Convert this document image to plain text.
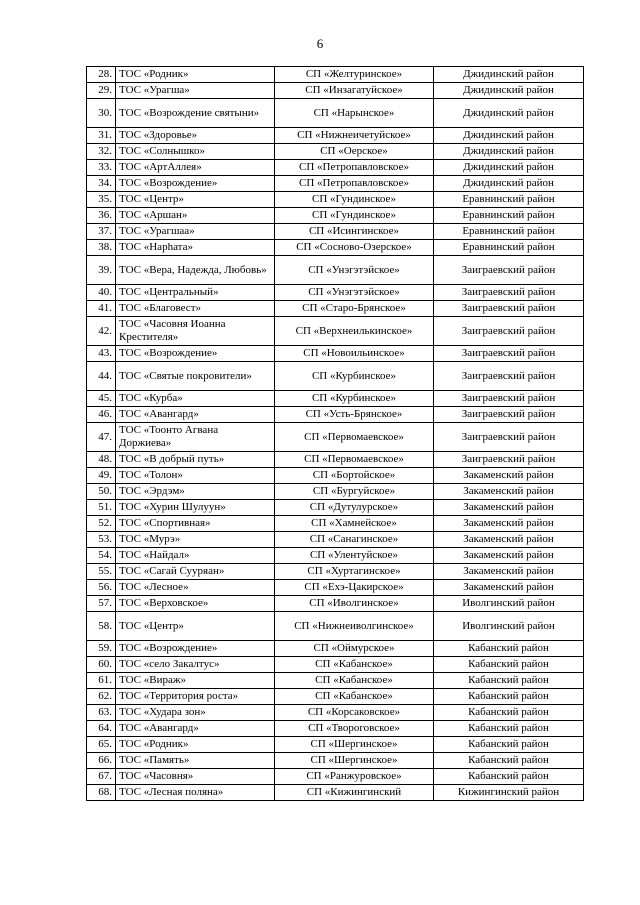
6
28.	ТОС «Родник»	СП «Желтуринское»	Джидинский район
29.	ТОС «Урагша»	СП «Инзагатуйское»	Джидинский район
30.	ТОС «Возрождение святыни»	СП «Нарынское»	Джидинский район
31.	ТОС «Здоровье»	СП «Нижнеичетуйское»	Джидинский район
32.	ТОС «Солнышко»	СП «Оерское»	Джидинский район
33.	ТОС «АртАллея»	СП «Петропавловское»	Джидинский район
34.	ТОС «Возрождение»	СП «Петропавловское»	Джидинский район
35.	ТОС «Центр»	СП «Гундинское»	Еравнинский район
36.	ТОС «Аршан»	СП «Гундинское»	Еравнинский район
37.	ТОС «Урагшаа»	СП «Исингинское»	Еравнинский район
38.	ТОС «Нарhата»	СП «Сосново-Озерское»	Еравнинский район
39.	ТОС «Вера, Надежда, Любовь»	СП «Унэгэтэйское»	Заиграевский район
40.	ТОС «Центральный»	СП «Унэгэтэйское»	Заиграевский район
41.	ТОС «Благовест»	СП «Старо-Брянское»	Заиграевский район
42.	ТОС «Часовня Иоанна Крестителя»	СП «Верхнеилькинское»	Заиграевский район
43.	ТОС «Возрождение»	СП «Новоильинское»	Заиграевский район
44.	ТОС «Святые покровители»	СП «Курбинское»	Заиграевский район
45.	ТОС «Курба»	СП «Курбинское»	Заиграевский район
46.	ТОС «Авангард»	СП «Усть-Брянское»	Заиграевский район
47.	ТОС «Тоонто Агвана Доржиева»	СП «Первомаевское»	Заиграевский район
48.	ТОС «В добрый путь»	СП «Первомаевское»	Заиграевский район
49.	ТОС «Толон»	СП «Бортойское»	Закаменский район
50.	ТОС «Эрдэм»	СП «Бургуйское»	Закаменский район
51.	ТОС «Хурин Шулуун»	СП «Дутулурское»	Закаменский район
52.	ТОС «Спортивная»	СП «Хамнейское»	Закаменский район
53.	ТОС «Мурэ»	СП «Санагинское»	Закаменский район
54.	ТОС «Найдал»	СП «Улентуйское»	Закаменский район
55.	ТОС «Сагай Сууряан»	СП «Хуртагинское»	Закаменский район
56.	ТОС «Лесное»	СП «Ехэ-Цакирское»	Закаменский район
57.	ТОС «Верховское»	СП «Иволгинское»	Иволгинский район
58.	ТОС «Центр»	СП «Нижнеиволгинское»	Иволгинский район
59.	ТОС «Возрождение»	СП «Оймурское»	Кабанский район
60.	ТОС «село Закалтус»	СП «Кабанское»	Кабанский район
61.	ТОС «Вираж»	СП «Кабанское»	Кабанский район
62.	ТОС «Территория роста»	СП «Кабанское»	Кабанский район
63.	ТОС «Худара зон»	СП «Корсаковское»	Кабанский район
64.	ТОС «Авангард»	СП «Твороговское»	Кабанский район
65.	ТОС «Родник»	СП «Шергинское»	Кабанский район
66.	ТОС «Память»	СП «Шергинское»	Кабанский район
67.	ТОС «Часовня»	СП «Ранжуровское»	Кабанский район
68.	ТОС «Лесная поляна»	СП «Кижингинский	Кижингинский район
